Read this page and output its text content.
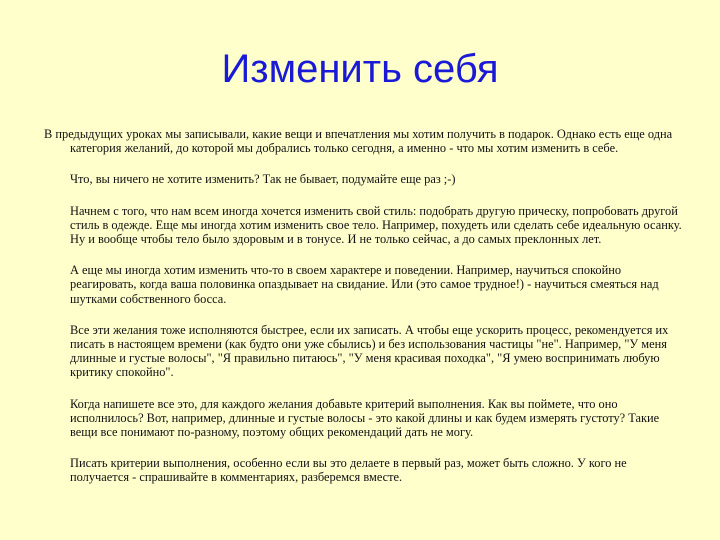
Изменить себя

В предыдущих уроках мы записывали, какие вещи и впечатления мы хотим получить в подарок. Однако есть еще одна категория желаний, до которой мы добрались только сегодня, а именно - что мы хотим изменить в себе.

Что, вы ничего не хотите изменить? Так не бывает, подумайте еще раз ;-)

Начнем с того, что нам всем иногда хочется изменить свой стиль: подобрать другую прическу, попробовать другой стиль в одежде. Еще мы иногда хотим изменить свое тело. Например, похудеть или сделать себе идеальную осанку. Ну и вообще чтобы тело было здоровым и в тонусе. И не только сейчас, а до самых преклонных лет.

А еще мы иногда хотим изменить что-то в своем характере и поведении. Например, научиться спокойно реагировать, когда ваша половинка опаздывает на свидание. Или (это самое трудное!) - научиться смеяться над шутками собственного босса.

Все эти желания тоже исполняются быстрее, если их записать. А чтобы еще ускорить процесс, рекомендуется их писать в настоящем времени (как будто они уже сбылись) и без использования частицы "не". Например, "У меня длинные и густые волосы", "Я правильно питаюсь", "У меня красивая походка", "Я умею воспринимать любую критику спокойно".

Когда напишете все это, для каждого желания добавьте критерий выполнения. Как вы поймете, что оно исполнилось? Вот, например, длинные и густые волосы - это какой длины и как будем измерять густоту? Такие вещи все понимают по-разному, поэтому общих рекомендаций дать не могу.

Писать критерии выполнения, особенно если вы это делаете в первый раз, может быть сложно. У кого не получается - спрашивайте в комментариях, разберемся вместе.
